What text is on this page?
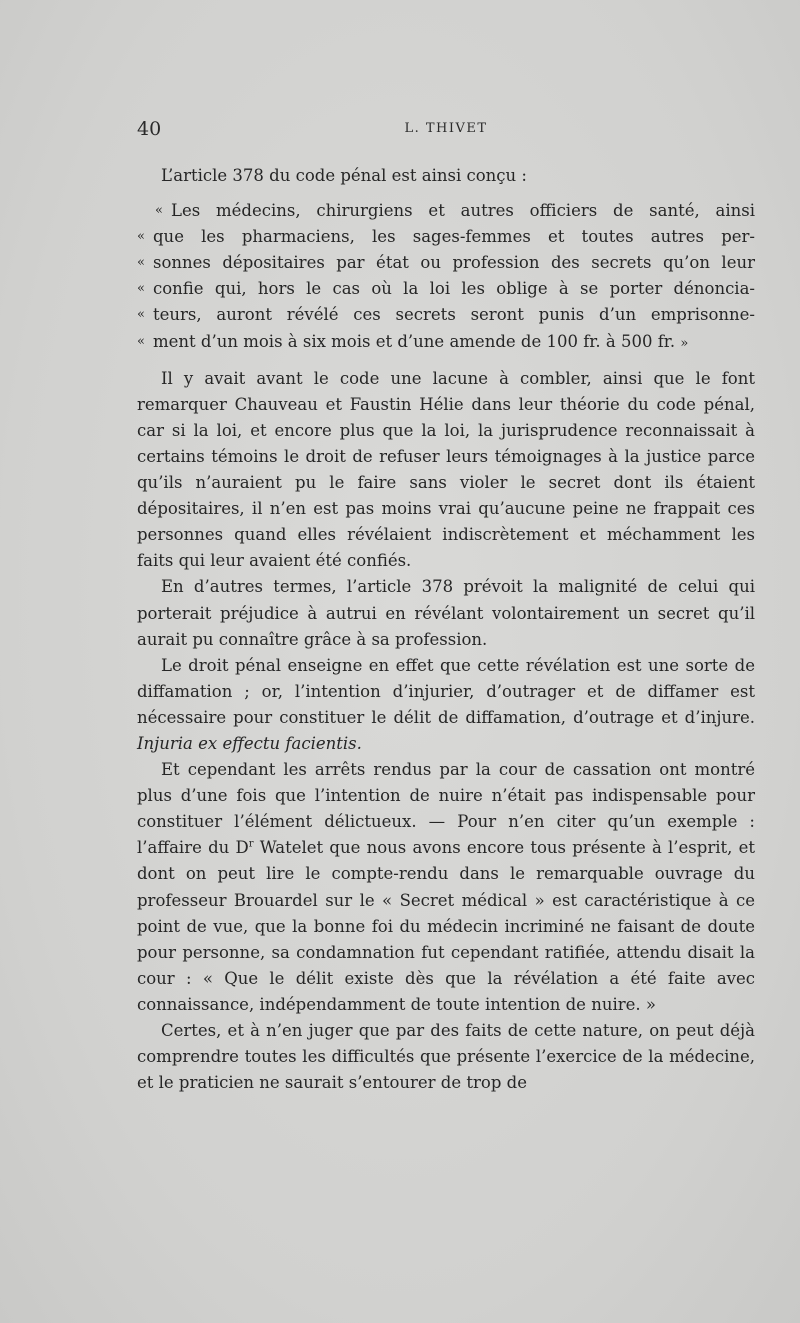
40	L. THIVET

L’article 378 du code pénal est ainsi conçu :

« Les médecins, chirurgiens et autres officiers de santé, ainsi
« que les pharmaciens, les sages-femmes et toutes autres per-
« sonnes dépositaires par état ou profession des secrets qu’on leur
« confie qui, hors le cas où la loi les oblige à se porter dénoncia-
« teurs, auront révélé ces secrets seront punis d’un emprisonne-
« ment d’un mois à six mois et d’une amende de 100 fr. à 500 fr. »

Il y avait avant le code une lacune à combler, ainsi que le font remarquer Chauveau et Faustin Hélie dans leur théorie du code pénal, car si la loi, et encore plus que la loi, la jurisprudence reconnaissait à certains témoins le droit de refuser leurs témoignages à la justice parce qu’ils n’auraient pu le faire sans violer le secret dont ils étaient dépositaires, il n’en est pas moins vrai qu’aucune peine ne frappait ces personnes quand elles révélaient indiscrètement et méchamment les faits qui leur avaient été confiés.

En d’autres termes, l’article 378 prévoit la malignité de celui qui porterait préjudice à autrui en révélant volontairement un secret qu’il aurait pu connaître grâce à sa profession.

Le droit pénal enseigne en effet que cette révélation est une sorte de diffamation ; or, l’intention d’injurier, d’outrager et de diffamer est nécessaire pour constituer le délit de diffamation, d’outrage et d’injure. Injuria ex effectu facientis.

Et cependant les arrêts rendus par la cour de cassation ont montré plus d’une fois que l’intention de nuire n’était pas indispensable pour constituer l’élément délictueux. — Pour n’en citer qu’un exemple : l’affaire du $D^r$ Watelet que nous avons encore tous présente à l’esprit, et dont on peut lire le compte-rendu dans le remarquable ouvrage du professeur Brouardel sur le « Secret médical » est caractéristique à ce point de vue, que la bonne foi du médecin incriminé ne faisant de doute pour personne, sa condamnation fut cependant ratifiée, attendu disait la cour : « Que le délit existe dès que la révélation a été faite avec connaissance, indépendamment de toute intention de nuire. »

Certes, et à n’en juger que par des faits de cette nature, on peut déjà comprendre toutes les difficultés que présente l’exercice de la médecine, et le praticien ne saurait s’entourer de trop de
